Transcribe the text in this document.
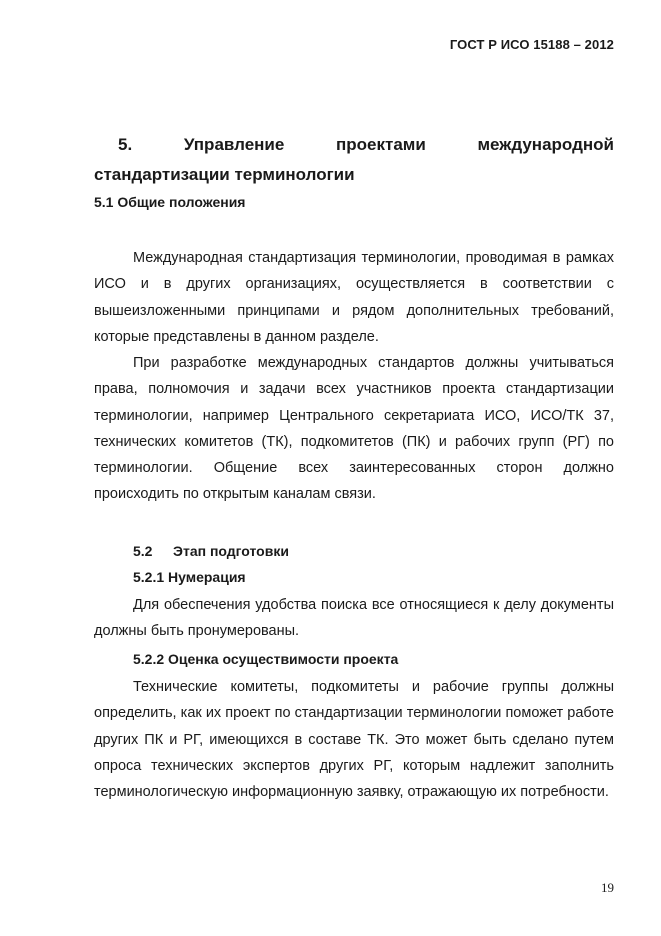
ГОСТ Р ИСО 15188 – 2012
5.	Управление	проектами	международной
стандартизации терминологии
5.1 Общие положения

Международная стандартизация терминологии, проводимая в рамках ИСО и в других организациях, осуществляется в соответствии с вышеизложенными принципами и рядом дополнительных требований, которые представлены в данном разделе.

При разработке международных стандартов должны учитываться права, полномочия и задачи всех участников проекта стандартизации терминологии, например Центрального секретариата ИСО, ИСО/ТК 37, технических комитетов (ТК), подкомитетов (ПК) и рабочих групп (РГ) по терминологии. Общение всех заинтересованных сторон должно происходить по открытым каналам связи.

5.2 Этап подготовки
5.2.1 Нумерация

Для обеспечения удобства поиска все относящиеся к делу документы должны быть пронумерованы.

5.2.2 Оценка осуществимости проекта

Технические комитеты, подкомитеты и рабочие группы должны определить, как их проект по стандартизации терминологии поможет работе других ПК и РГ, имеющихся в составе ТК. Это может быть сделано путем опроса технических экспертов других РГ, которым надлежит заполнить терминологическую информационную заявку, отражающую их потребности.

19
